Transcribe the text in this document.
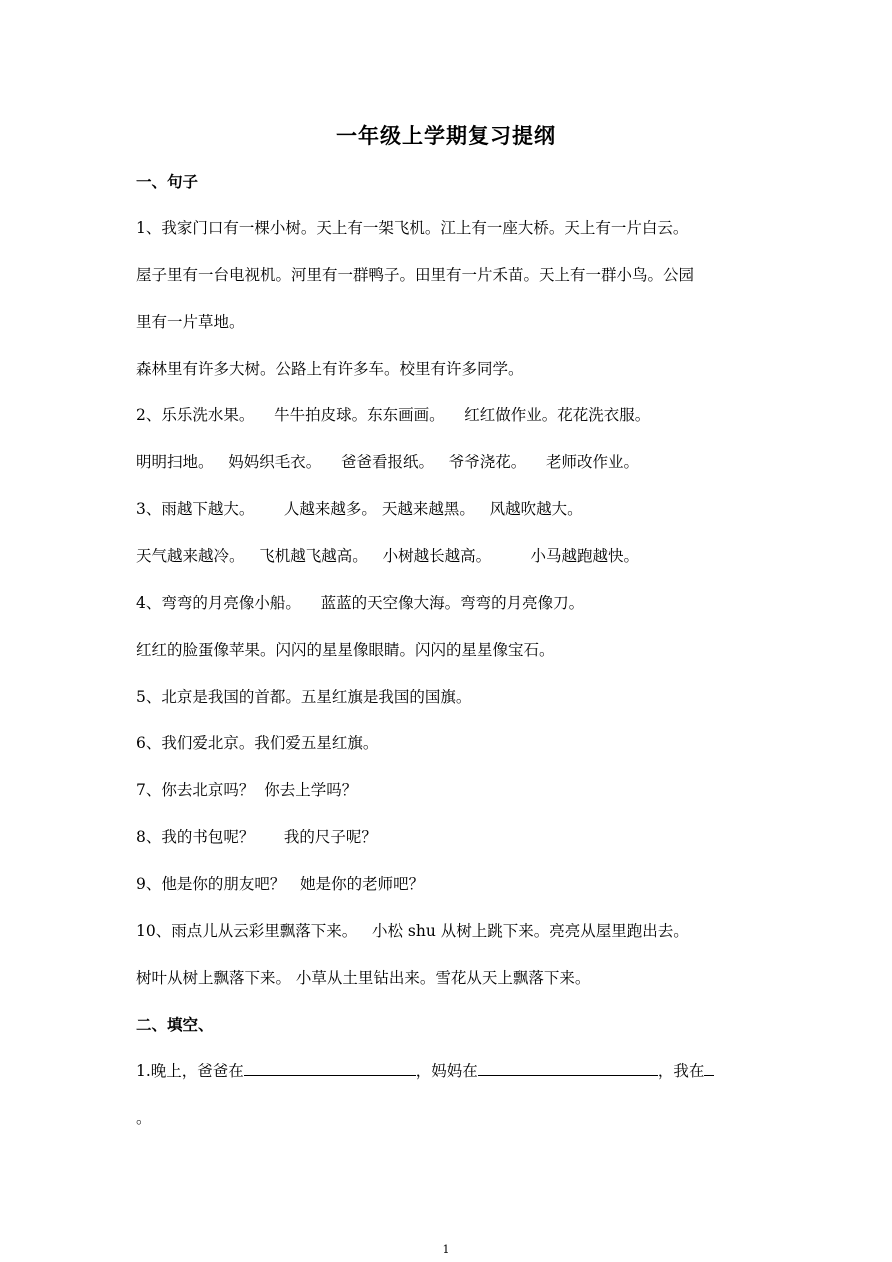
一年级上学期复习提纲
一、句子
1、我家门口有一棵小树。天上有一架飞机。江上有一座大桥。天上有一片白云。
屋子里有一台电视机。河里有一群鸭子。田里有一片禾苗。天上有一群小鸟。公园
里有一片草地。
森林里有许多大树。公路上有许多车。校里有许多同学。
2、乐乐洗水果。    牛牛拍皮球。东东画画。    红红做作业。花花洗衣服。
明明扫地。   妈妈织毛衣。    爸爸看报纸。   爷爷浇花。    老师改作业。
3、雨越下越大。      人越来越多。 天越来越黑。   风越吹越大。
天气越来越冷。   飞机越飞越高。   小树越长越高。        小马越跑越快。
4、弯弯的月亮像小船。    蓝蓝的天空像大海。弯弯的月亮像刀。
红红的脸蛋像苹果。闪闪的星星像眼睛。闪闪的星星像宝石。
5、北京是我国的首都。五星红旗是我国的国旗。
6、我们爱北京。我们爱五星红旗。
7、你去北京吗？  你去上学吗？
8、我的书包呢？      我的尺子呢？
9、他是你的朋友吧？   她是你的老师吧？
10、雨点儿从云彩里飘落下来。   小松 shu 从树上跳下来。亮亮从屋里跑出去。
树叶从树上飘落下来。 小草从土里钻出来。雪花从天上飘落下来。
二、填空、
1.晚上，爸爸在	，妈妈在	，我在
。
1
